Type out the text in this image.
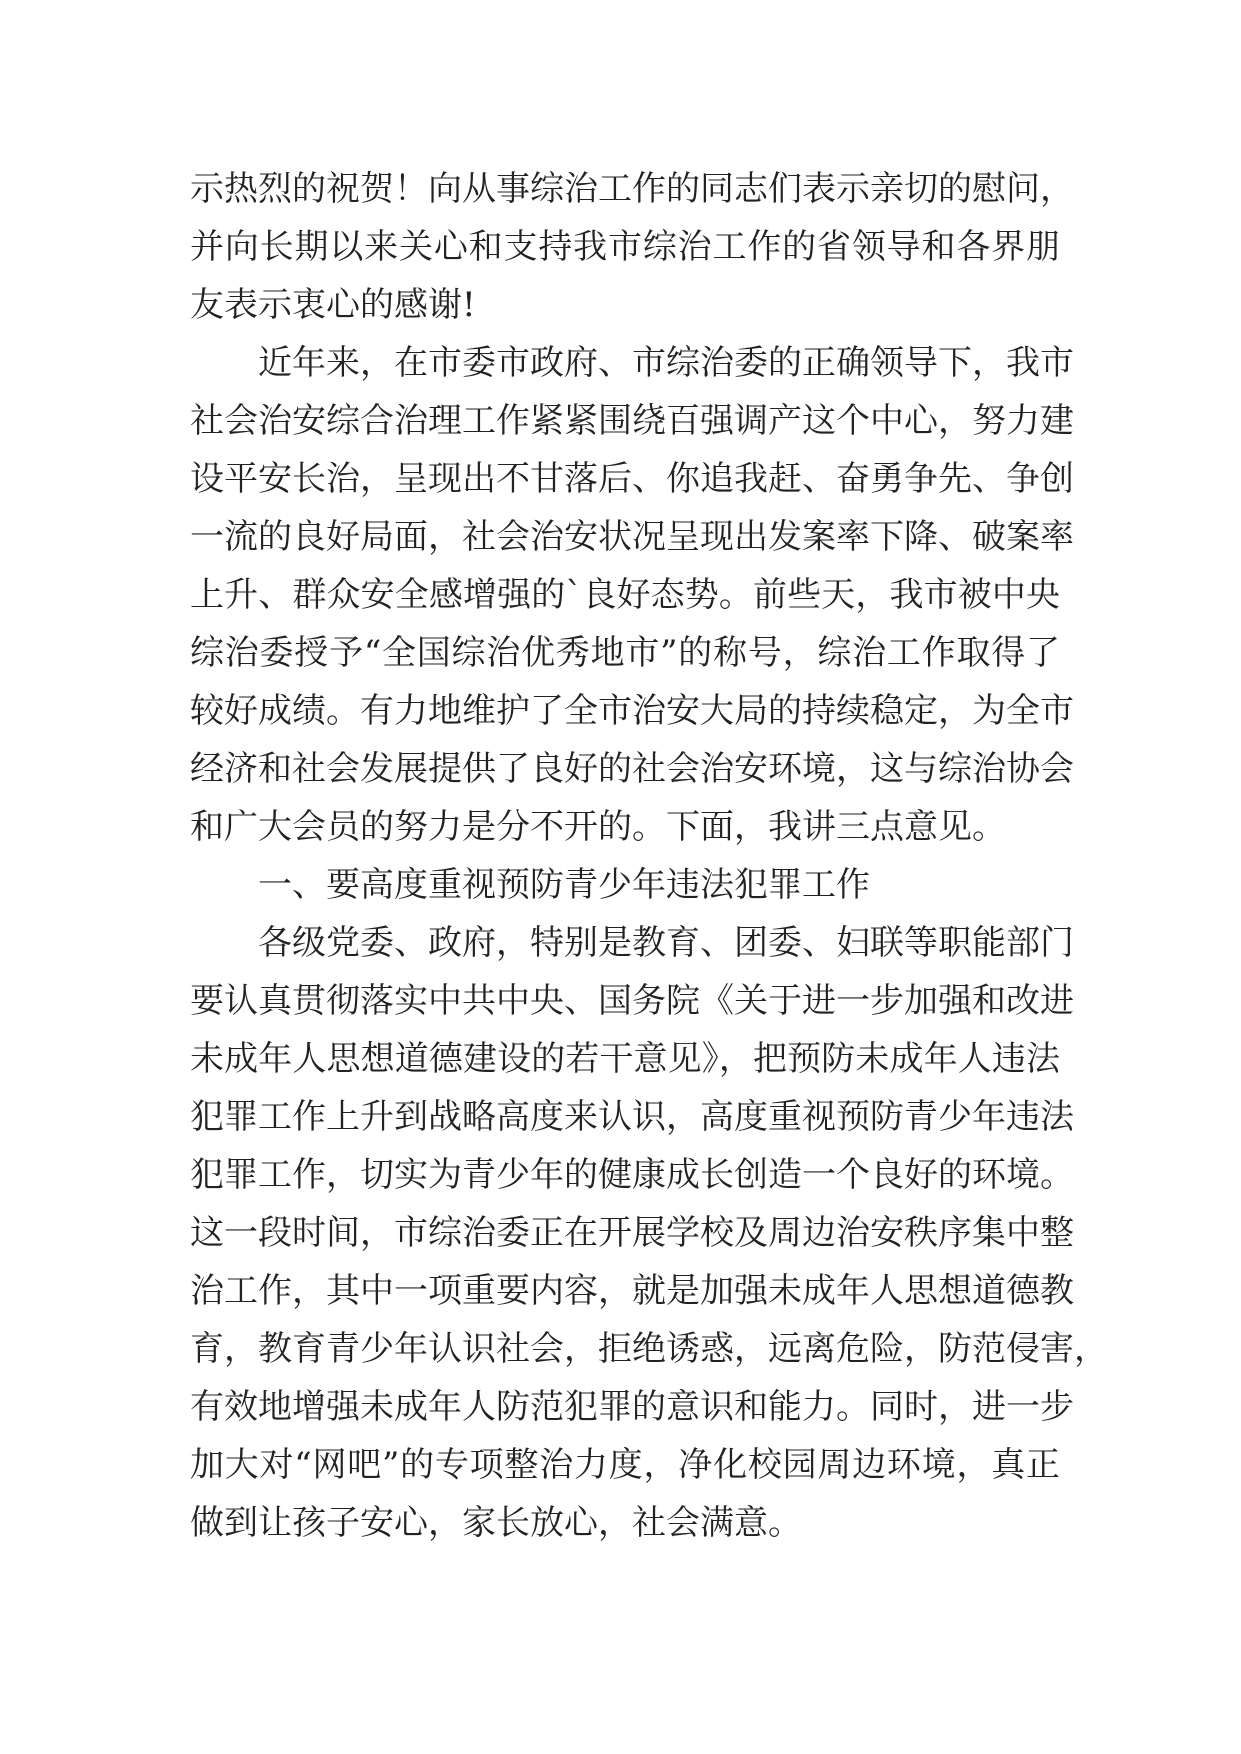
示热烈的祝贺！向从事综治工作的同志们表示亲切的慰问，
并向长期以来关心和支持我市综治工作的省领导和各界朋
友表示衷心的感谢!
近年来，在市委市政府、市综治委的正确领导下，我市
社会治安综合治理工作紧紧围绕百强调产这个中心，努力建
设平安长治，呈现出不甘落后、你追我赶、奋勇争先、争创
一流的良好局面，社会治安状况呈现出发案率下降、破案率
上升、群众安全感增强的`良好态势。前些天，我市被中央
综治委授予“全国综治优秀地市”的称号，综治工作取得了
较好成绩。有力地维护了全市治安大局的持续稳定，为全市
经济和社会发展提供了良好的社会治安环境，这与综治协会
和广大会员的努力是分不开的。下面，我讲三点意见。
一、要高度重视预防青少年违法犯罪工作
各级党委、政府，特别是教育、团委、妇联等职能部门
要认真贯彻落实中共中央、国务院《关于进一步加强和改进
未成年人思想道德建设的若干意见》，把预防未成年人违法
犯罪工作上升到战略高度来认识，高度重视预防青少年违法
犯罪工作，切实为青少年的健康成长创造一个良好的环境。
这一段时间，市综治委正在开展学校及周边治安秩序集中整
治工作，其中一项重要内容，就是加强未成年人思想道德教
育，教育青少年认识社会，拒绝诱惑，远离危险，防范侵害，
有效地增强未成年人防范犯罪的意识和能力。同时，进一步
加大对“网吧”的专项整治力度，净化校园周边环境，真正
做到让孩子安心，家长放心，社会满意。
